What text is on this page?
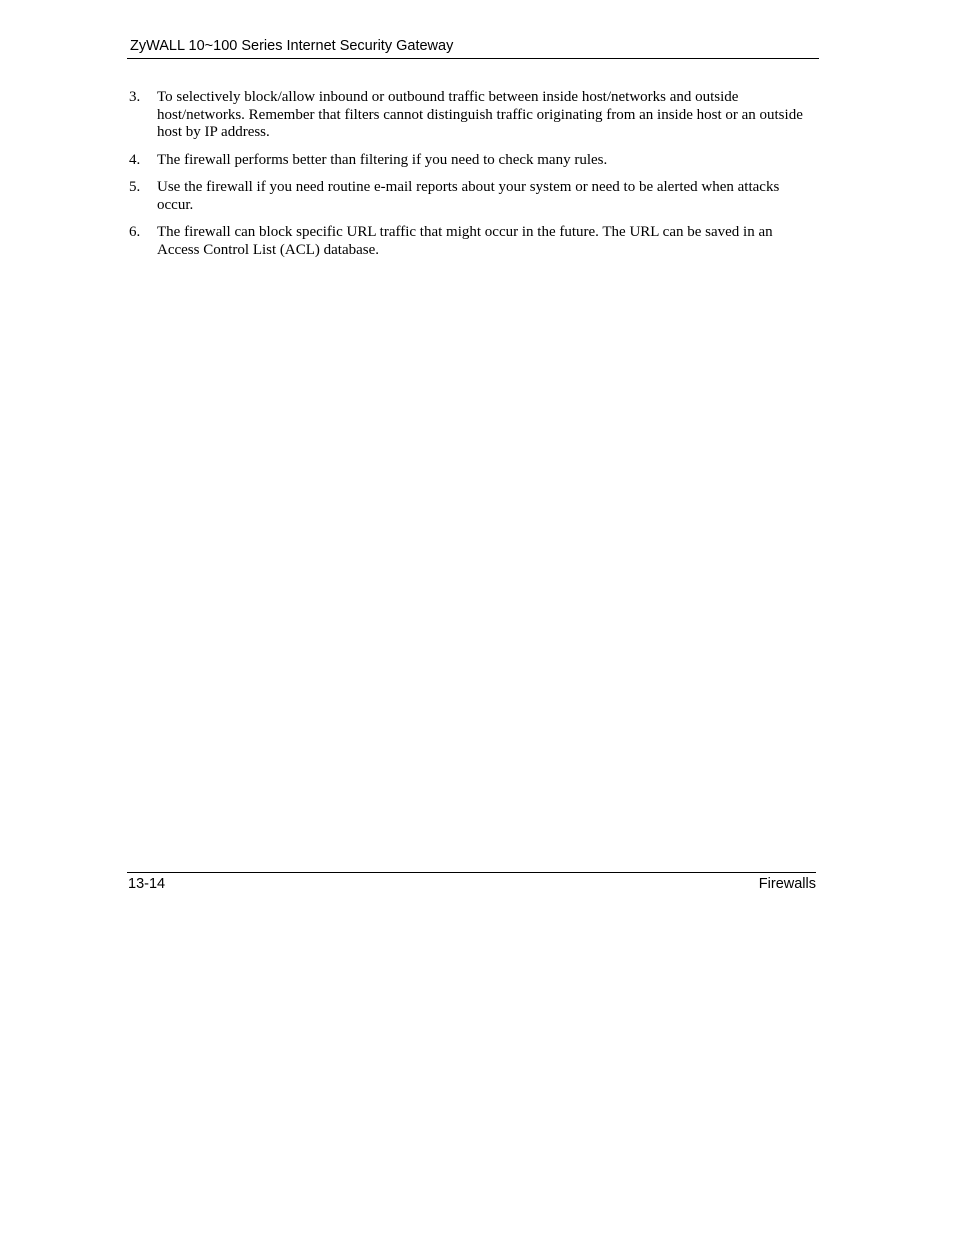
ZyWALL 10~100 Series Internet Security Gateway
3. To selectively block/allow inbound or outbound traffic between inside host/networks and outside host/networks. Remember that filters cannot distinguish traffic originating from an inside host or an outside host by IP address.
4. The firewall performs better than filtering if you need to check many rules.
5. Use the firewall if you need routine e-mail reports about your system or need to be alerted when attacks occur.
6. The firewall can block specific URL traffic that might occur in the future. The URL can be saved in an Access Control List (ACL) database.
13-14	Firewalls
